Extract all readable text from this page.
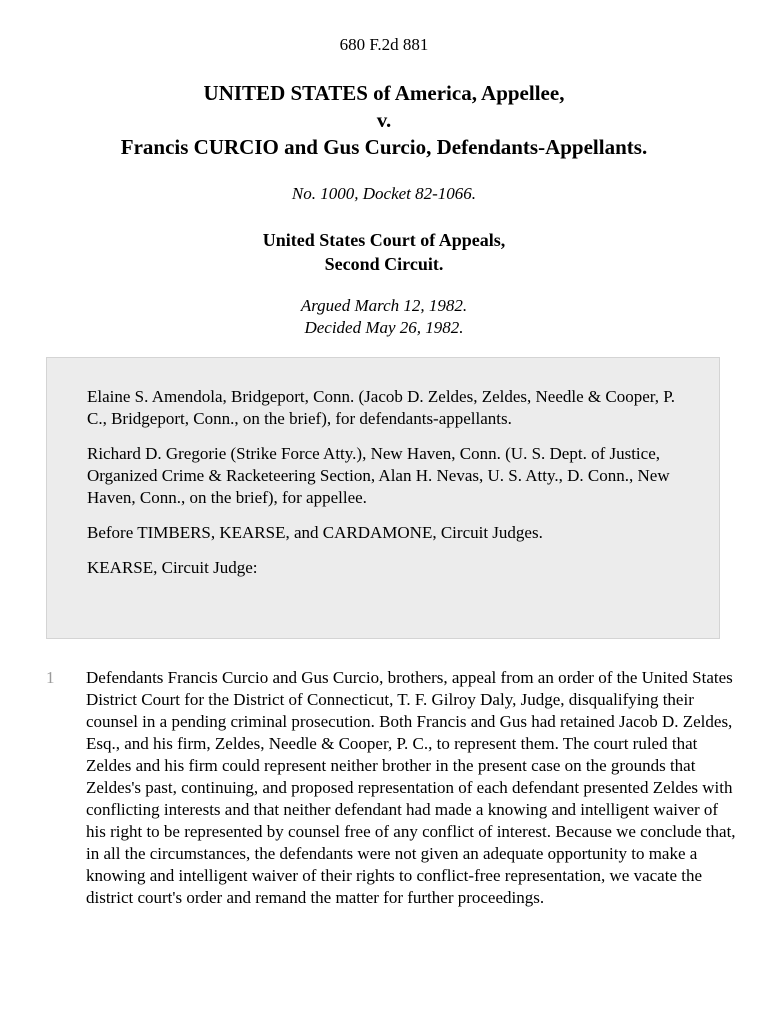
680 F.2d 881
UNITED STATES of America, Appellee,
v.
Francis CURCIO and Gus Curcio, Defendants-Appellants.
No. 1000, Docket 82-1066.
United States Court of Appeals,
Second Circuit.
Argued March 12, 1982.
Decided May 26, 1982.

Elaine S. Amendola, Bridgeport, Conn. (Jacob D. Zeldes, Zeldes, Needle & Cooper, P. C., Bridgeport, Conn., on the brief), for defendants-appellants.

Richard D. Gregorie (Strike Force Atty.), New Haven, Conn. (U. S. Dept. of Justice, Organized Crime & Racketeering Section, Alan H. Nevas, U. S. Atty., D. Conn., New Haven, Conn., on the brief), for appellee.

Before TIMBERS, KEARSE, and CARDAMONE, Circuit Judges.

KEARSE, Circuit Judge:

1 Defendants Francis Curcio and Gus Curcio, brothers, appeal from an order of the United States District Court for the District of Connecticut, T. F. Gilroy Daly, Judge, disqualifying their counsel in a pending criminal prosecution. Both Francis and Gus had retained Jacob D. Zeldes, Esq., and his firm, Zeldes, Needle & Cooper, P. C., to represent them. The court ruled that Zeldes and his firm could represent neither brother in the present case on the grounds that Zeldes's past, continuing, and proposed representation of each defendant presented Zeldes with conflicting interests and that neither defendant had made a knowing and intelligent waiver of his right to be represented by counsel free of any conflict of interest. Because we conclude that, in all the circumstances, the defendants were not given an adequate opportunity to make a knowing and intelligent waiver of their rights to conflict-free representation, we vacate the district court's order and remand the matter for further proceedings.
